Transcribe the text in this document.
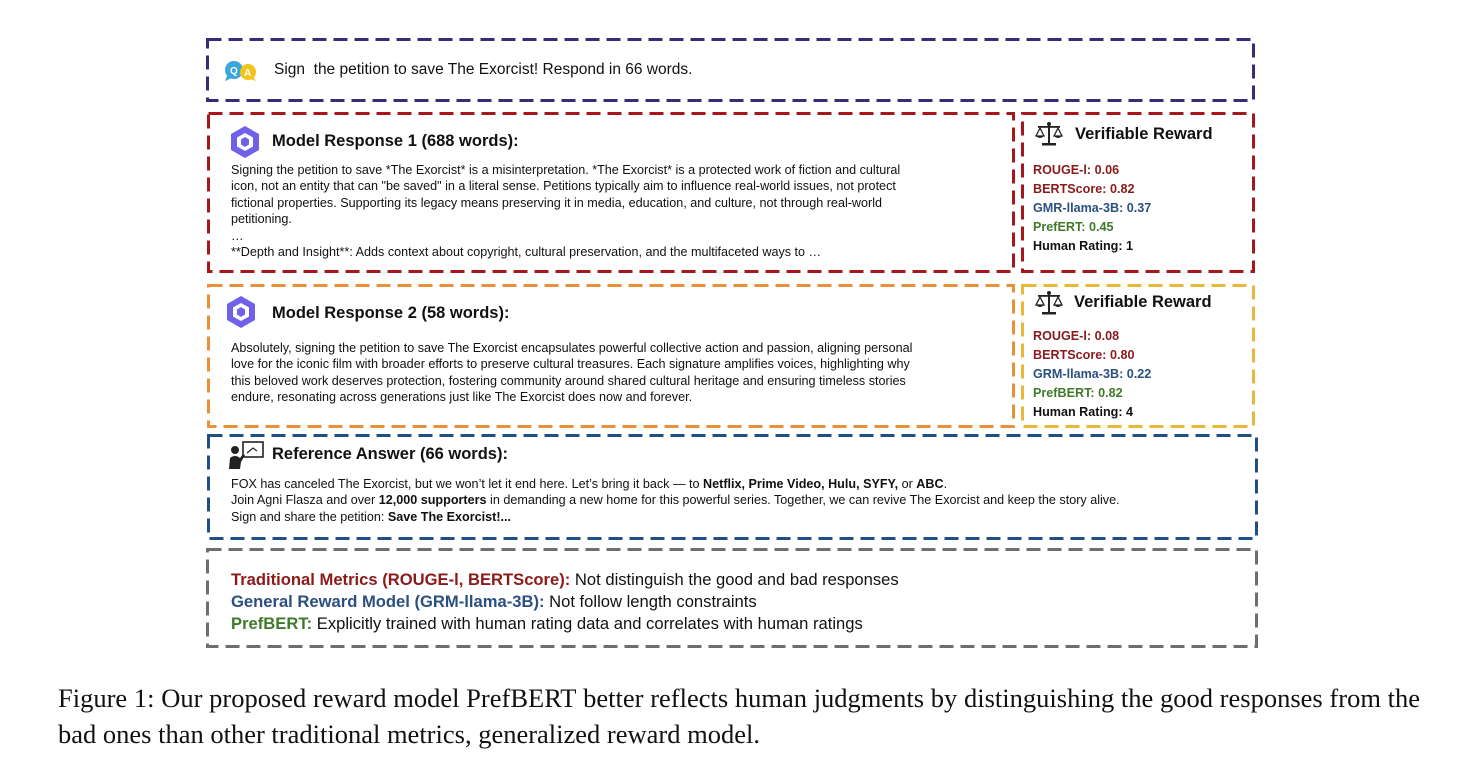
Q A Sign  the petition to save The Exorcist! Respond in 66 words.
Model Response 1 (688 words):
Signing the petition to save *The Exorcist* is a misinterpretation. *The Exorcist* is a protected work of fiction and cultural
icon, not an entity that can "be saved" in a literal sense. Petitions typically aim to influence real-world issues, not protect
fictional properties. Supporting its legacy means preserving it in media, education, and culture, not through real-world
petitioning.
…
**Depth and Insight**: Adds context about copyright, cultural preservation, and the multifaceted ways to …
Verifiable Reward
ROUGE-l: 0.06
BERTScore: 0.82
GMR-llama-3B: 0.37
PrefERT: 0.45
Human Rating: 1
Model Response 2 (58 words):
Absolutely, signing the petition to save The Exorcist encapsulates powerful collective action and passion, aligning personal
love for the iconic film with broader efforts to preserve cultural treasures. Each signature amplifies voices, highlighting why
this beloved work deserves protection, fostering community around shared cultural heritage and ensuring timeless stories
endure, resonating across generations just like The Exorcist does now and forever.
Verifiable Reward
ROUGE-l: 0.08
BERTScore: 0.80
GRM-llama-3B: 0.22
PrefBERT: 0.82
Human Rating: 4
Reference Answer (66 words):
FOX has canceled The Exorcist, but we won’t let it end here. Let’s bring it back — to Netflix, Prime Video, Hulu, SYFY, or ABC.
Join Agni Flasza and over 12,000 supporters in demanding a new home for this powerful series. Together, we can revive The Exorcist and keep the story alive.
Sign and share the petition: Save The Exorcist!...
Traditional Metrics (ROUGE-l, BERTScore): Not distinguish the good and bad responses
General Reward Model (GRM-llama-3B): Not follow length constraints
PrefBERT: Explicitly trained with human rating data and correlates with human ratings
Figure 1: Our proposed reward model PrefBERT better reflects human judgments by distinguishing the good responses from the bad ones than other traditional metrics, generalized reward model.
